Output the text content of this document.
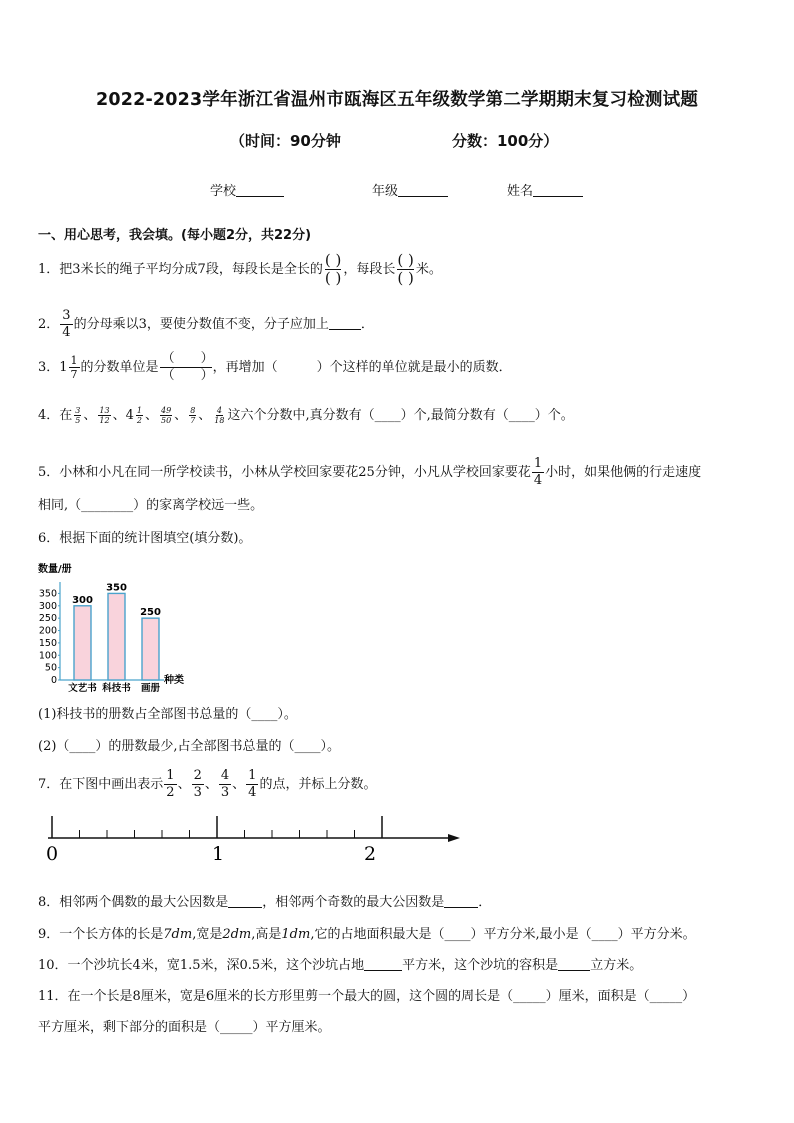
2022-2023学年浙江省温州市瓯海区五年级数学第二学期期末复习检测试题
（时间：90分钟	分数：100分）
学校	年级	姓名
一、用心思考，我会填。(每小题2分，共22分)
1．把3米长的绳子平均分成7段，每段长是全长的
( )
( ) ，每段长
( )
( ) 米。
2． $\frac{3}{4}$ 的分母乘以3，要使分数值不变，分子应加上 ．
3．$1 \frac{1}{7}$ 的分数单位是 $\frac{( )}{( )}$ ，再增加（　　　）个这样的单位就是最小的质数．
4．在 $\frac{3}{5}$ 、 $\frac{13}{12}$ 、$4 \frac{1}{2}$ 、 $\frac{49}{50}$ 、 $\frac{8}{7}$ 、 $\frac{4}{18}$ 这六个分数中,真分数有（____）个,最简分数有（____）个。
5．小林和小凡在同一所学校读书，小林从学校回家要花25分钟，小凡从学校回家要花 $\frac{1}{4}$ 小时，如果他俩的行走速度
相同,（________）的家离学校远一些。
6．根据下面的统计图填空(填分数)。
数量/册
0
50
100
150
200
250
300
350
300
文艺书
350
科技书
250
画册
种类
(1)科技书的册数占全部图书总量的（____）。
(2)（____）的册数最少,占全部图书总量的（____）。
7．在下图中画出表示 $\frac{1}{2}$ 、 $\frac{2}{3}$ 、 $\frac{4}{3}$ 、 $\frac{1}{4}$ 的点，并标上分数。
0	1	2
8．相邻两个偶数的最大公因数是	，相邻两个奇数的最大公因数是	．
9．一个长方体的长是7dm,宽是2dm,高是1dm,它的占地面积最大是（____）平方分米,最小是（____）平方分米。
10．一个沙坑长4米，宽1.5米，深0.5米，这个沙坑占地	平方米，这个沙坑的容积是 立方米。
11．在一个长是8厘米，宽是6厘米的长方形里剪一个最大的圆，这个圆的周长是（_____）厘米，面积是（_____）
平方厘米，剩下部分的面积是（_____）平方厘米。
